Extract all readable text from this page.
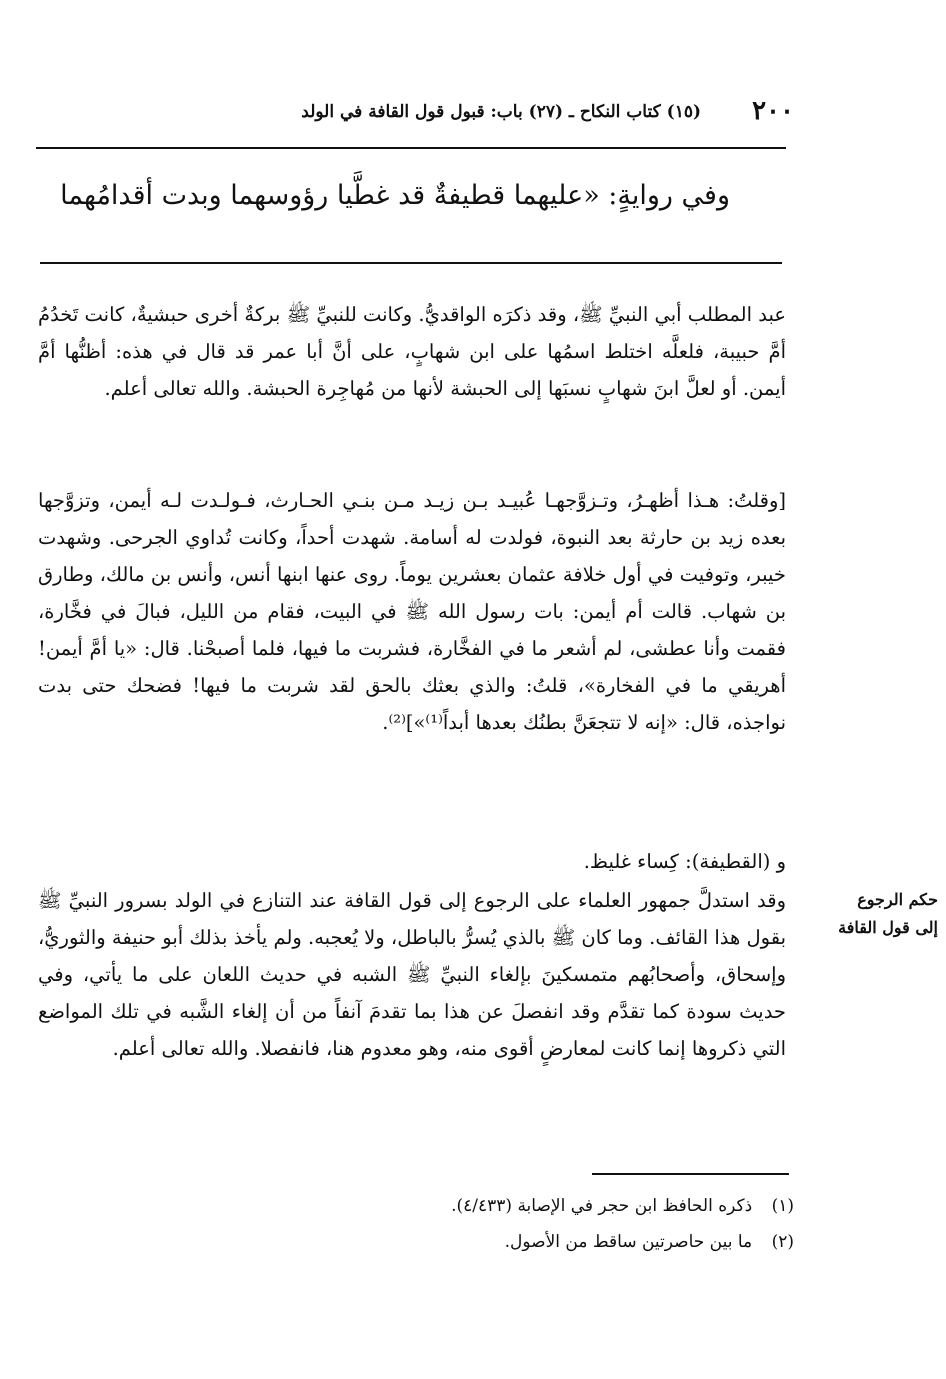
٢٠٠
(١٥) كتاب النكاح ـ (٢٧) باب: قبول قول القافة في الولد
وفي روايةٍ: «عليهما قطيفةٌ قد غطَّيا رؤوسهما وبدت أقدامُهما

عبد المطلب أبي النبيِّ ﷺ، وقد ذكرَه الواقديُّ. وكانت للنبيِّ ﷺ بركةٌ أخرى حبشيةٌ، كانت تَخدُمُ أمَّ حبيبة، فلعلَّه اختلط اسمُها على ابن شهابٍ، على أنَّ أبا عمر قد قال في هذه: أظنُّها أمَّ أيمن. أو لعلَّ ابنَ شهابٍ نسبَها إلى الحبشة لأنها من مُهاجِرة الحبشة. والله تعالى أعلم.

[وقلتُ: هـذا أظهـرُ، وتـزوَّجهـا عُبيـد بـن زيـد مـن بنـي الحـارث، فـولـدت لـه أيمن، وتزوَّجها بعده زيد بن حارثة بعد النبوة، فولدت له أسامة. شهدت أحداً، وكانت تُداوي الجرحى. وشهدت خيبر، وتوفيت في أول خلافة عثمان بعشرين يوماً. روى عنها ابنها أنس، وأنس بن مالك، وطارق بن شهاب. قالت أم أيمن: بات رسول الله ﷺ في البيت، فقام من الليل، فبالَ في فخَّارة، فقمت وأنا عطشى، لم أشعر ما في الفخَّارة، فشربت ما فيها، فلما أصبحْنا. قال: «يا أمَّ أيمن! أهريقي ما في الفخارة»، قلتُ: والذي بعثك بالحق لقد شربت ما فيها! فضحك حتى بدت نواجذه، قال: «إنه لا تتجعَنَّ بطنُك بعدها أبداً⁽¹⁾»]⁽²⁾.

و (القطيفة): كِساء غليظ.

وقد استدلَّ جمهور العلماء على الرجوع إلى قول القافة عند التنازع في الولد بسرور النبيِّ ﷺ بقول هذا القائف. وما كان ﷺ بالذي يُسرُّ بالباطل، ولا يُعجبه. ولم يأخذ بذلك أبو حنيفة والثوريُّ، وإسحاق، وأصحابُهم متمسكينَ بإلغاء النبيِّ ﷺ الشبه في حديث اللعان على ما يأتي، وفي حديث سودة كما تقدَّم وقد انفصلَ عن هذا بما تقدمَ آنفاً من أن إلغاء الشَّبه في تلك المواضع التي ذكروها إنما كانت لمعارضٍ أقوى منه، وهو معدوم هنا، فانفصلا. والله تعالى أعلم.

حكم الرجوع
إلى قول القافة
(١) ذكره الحافظ ابن حجر في الإصابة (٤/٤٣٣).
(٢) ما بين حاصرتين ساقط من الأصول.
